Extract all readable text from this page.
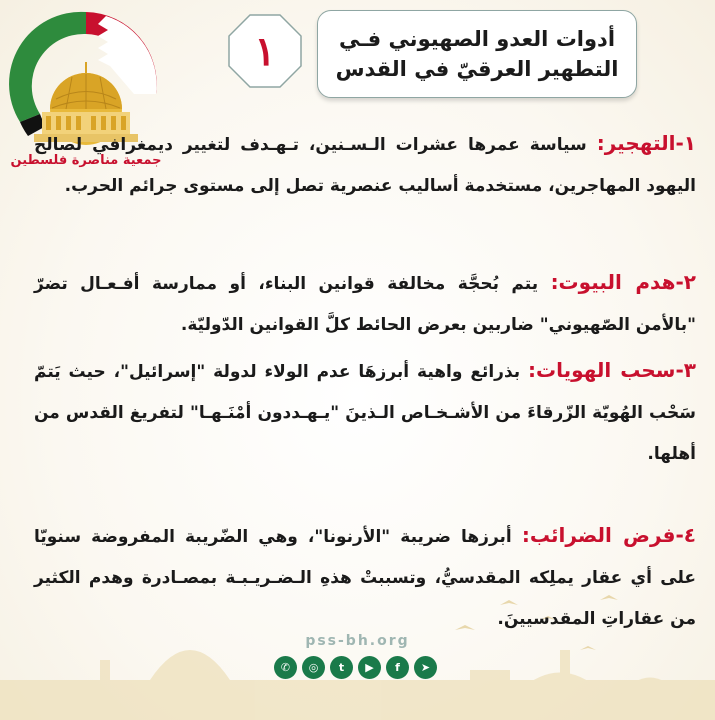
جمعية مناصرة فلسطين
أدوات العدو الصهيوني فـي
التطهير العرقيّ في القدس
١
١-التهجير: سياسة عمرها عشرات الـسـنين، تـهـدف لتغيير ديمغرافي لصالح اليهود المهاجرين، مستخدمة أساليب عنصرية تصل إلى مستوى جرائم الحرب.
٢-هدم البيوت: يتم بُحجَّة مخالفة قوانين البناء، أو ممارسة أفـعـال تضرّ "بالأمن الصّهيوني" ضاربين بعرض الحائط كلَّ القوانين الدّوليّة.
٣-سحب الهويات: بذرائع واهية أبرزهَا عدم الولاء لدولة "إسرائيل"، حيث يَتمّ سَحْب الهُويّة الزّرقاءَ من الأشـخـاص الـذينَ "يـهـددون أمْنَـهـا" لتفريغ القدس من أهلها.
٤-فرض الضرائب: أبرزها ضريبة "الأرنونا"، وهي الضّريبة المفروضة سنويّا على أي عقار يملِكه المقدسيُّ، وتسببتْ هذهِ الـضـريـبـة بمصـادرة وهدم الكثير من عقاراتِ المقدسيينَ.
pss-bh.org
✆	◎	t	▶	f	➤
